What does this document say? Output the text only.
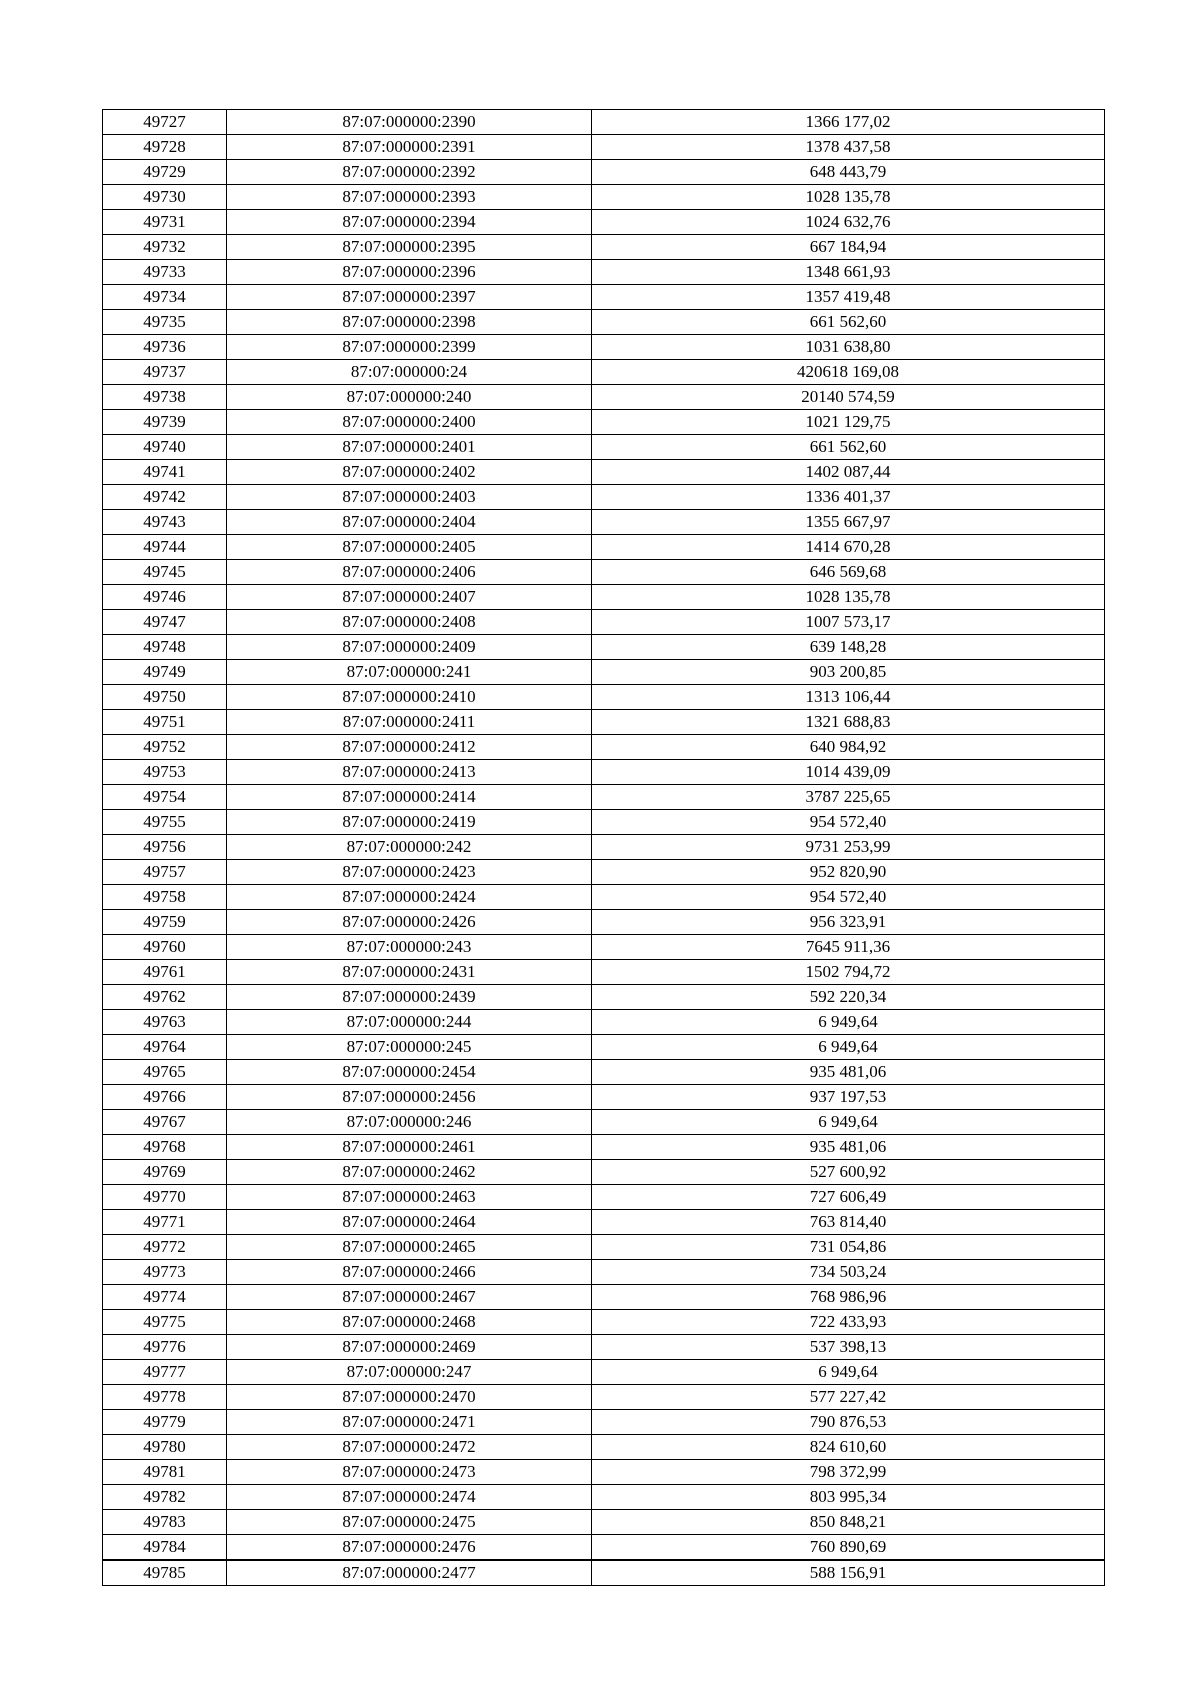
49727	87:07:000000:2390	1366 177,02
49728	87:07:000000:2391	1378 437,58
49729	87:07:000000:2392	648 443,79
49730	87:07:000000:2393	1028 135,78
49731	87:07:000000:2394	1024 632,76
49732	87:07:000000:2395	667 184,94
49733	87:07:000000:2396	1348 661,93
49734	87:07:000000:2397	1357 419,48
49735	87:07:000000:2398	661 562,60
49736	87:07:000000:2399	1031 638,80
49737	87:07:000000:24	420618 169,08
49738	87:07:000000:240	20140 574,59
49739	87:07:000000:2400	1021 129,75
49740	87:07:000000:2401	661 562,60
49741	87:07:000000:2402	1402 087,44
49742	87:07:000000:2403	1336 401,37
49743	87:07:000000:2404	1355 667,97
49744	87:07:000000:2405	1414 670,28
49745	87:07:000000:2406	646 569,68
49746	87:07:000000:2407	1028 135,78
49747	87:07:000000:2408	1007 573,17
49748	87:07:000000:2409	639 148,28
49749	87:07:000000:241	903 200,85
49750	87:07:000000:2410	1313 106,44
49751	87:07:000000:2411	1321 688,83
49752	87:07:000000:2412	640 984,92
49753	87:07:000000:2413	1014 439,09
49754	87:07:000000:2414	3787 225,65
49755	87:07:000000:2419	954 572,40
49756	87:07:000000:242	9731 253,99
49757	87:07:000000:2423	952 820,90
49758	87:07:000000:2424	954 572,40
49759	87:07:000000:2426	956 323,91
49760	87:07:000000:243	7645 911,36
49761	87:07:000000:2431	1502 794,72
49762	87:07:000000:2439	592 220,34
49763	87:07:000000:244	6 949,64
49764	87:07:000000:245	6 949,64
49765	87:07:000000:2454	935 481,06
49766	87:07:000000:2456	937 197,53
49767	87:07:000000:246	6 949,64
49768	87:07:000000:2461	935 481,06
49769	87:07:000000:2462	527 600,92
49770	87:07:000000:2463	727 606,49
49771	87:07:000000:2464	763 814,40
49772	87:07:000000:2465	731 054,86
49773	87:07:000000:2466	734 503,24
49774	87:07:000000:2467	768 986,96
49775	87:07:000000:2468	722 433,93
49776	87:07:000000:2469	537 398,13
49777	87:07:000000:247	6 949,64
49778	87:07:000000:2470	577 227,42
49779	87:07:000000:2471	790 876,53
49780	87:07:000000:2472	824 610,60
49781	87:07:000000:2473	798 372,99
49782	87:07:000000:2474	803 995,34
49783	87:07:000000:2475	850 848,21
49784	87:07:000000:2476	760 890,69
49785	87:07:000000:2477	588 156,91
